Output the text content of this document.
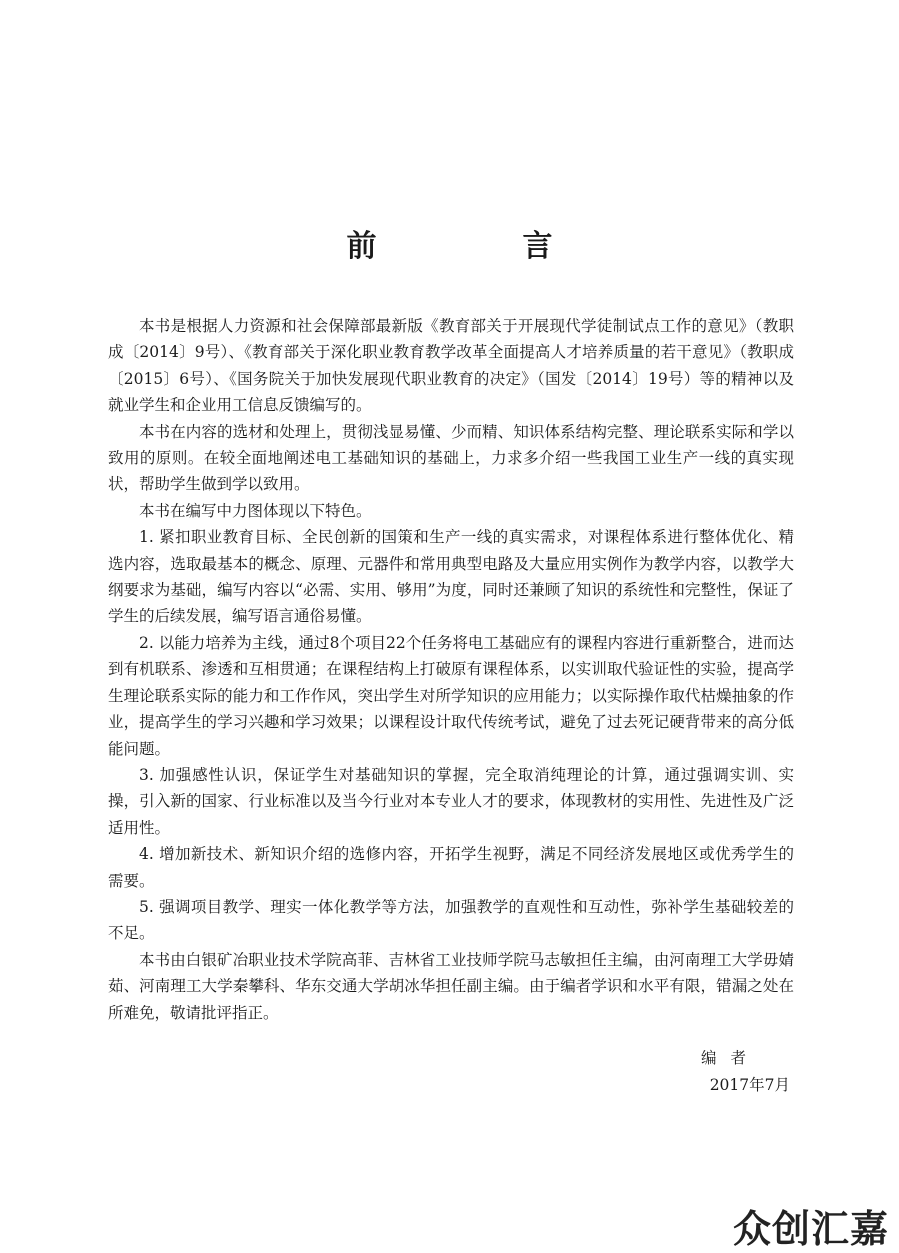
前　言

本书是根据人力资源和社会保障部最新版《教育部关于开展现代学徒制试点工作的意见》（教职成〔2014〕9号）、《教育部关于深化职业教育教学改革全面提高人才培养质量的若干意见》（教职成〔2015〕6号）、《国务院关于加快发展现代职业教育的决定》（国发〔2014〕19号）等的精神以及就业学生和企业用工信息反馈编写的。

本书在内容的选材和处理上，贯彻浅显易懂、少而精、知识体系结构完整、理论联系实际和学以致用的原则。在较全面地阐述电工基础知识的基础上，力求多介绍一些我国工业生产一线的真实现状，帮助学生做到学以致用。

本书在编写中力图体现以下特色。

1. 紧扣职业教育目标、全民创新的国策和生产一线的真实需求，对课程体系进行整体优化、精选内容，选取最基本的概念、原理、元器件和常用典型电路及大量应用实例作为教学内容，以教学大纲要求为基础，编写内容以“必需、实用、够用”为度，同时还兼顾了知识的系统性和完整性，保证了学生的后续发展，编写语言通俗易懂。

2. 以能力培养为主线，通过8个项目22个任务将电工基础应有的课程内容进行重新整合，进而达到有机联系、渗透和互相贯通；在课程结构上打破原有课程体系，以实训取代验证性的实验，提高学生理论联系实际的能力和工作作风，突出学生对所学知识的应用能力；以实际操作取代枯燥抽象的作业，提高学生的学习兴趣和学习效果；以课程设计取代传统考试，避免了过去死记硬背带来的高分低能问题。

3. 加强感性认识，保证学生对基础知识的掌握，完全取消纯理论的计算，通过强调实训、实操，引入新的国家、行业标准以及当今行业对本专业人才的要求，体现教材的实用性、先进性及广泛适用性。

4. 增加新技术、新知识介绍的选修内容，开拓学生视野，满足不同经济发展地区或优秀学生的需要。

5. 强调项目教学、理实一体化教学等方法，加强教学的直观性和互动性，弥补学生基础较差的不足。

本书由白银矿冶职业技术学院高菲、吉林省工业技师学院马志敏担任主编，由河南理工大学毋婧茹、河南理工大学秦攀科、华东交通大学胡冰华担任副主编。由于编者学识和水平有限，错漏之处在所难免，敬请批评指正。

编者
2017年7月
众创汇嘉
